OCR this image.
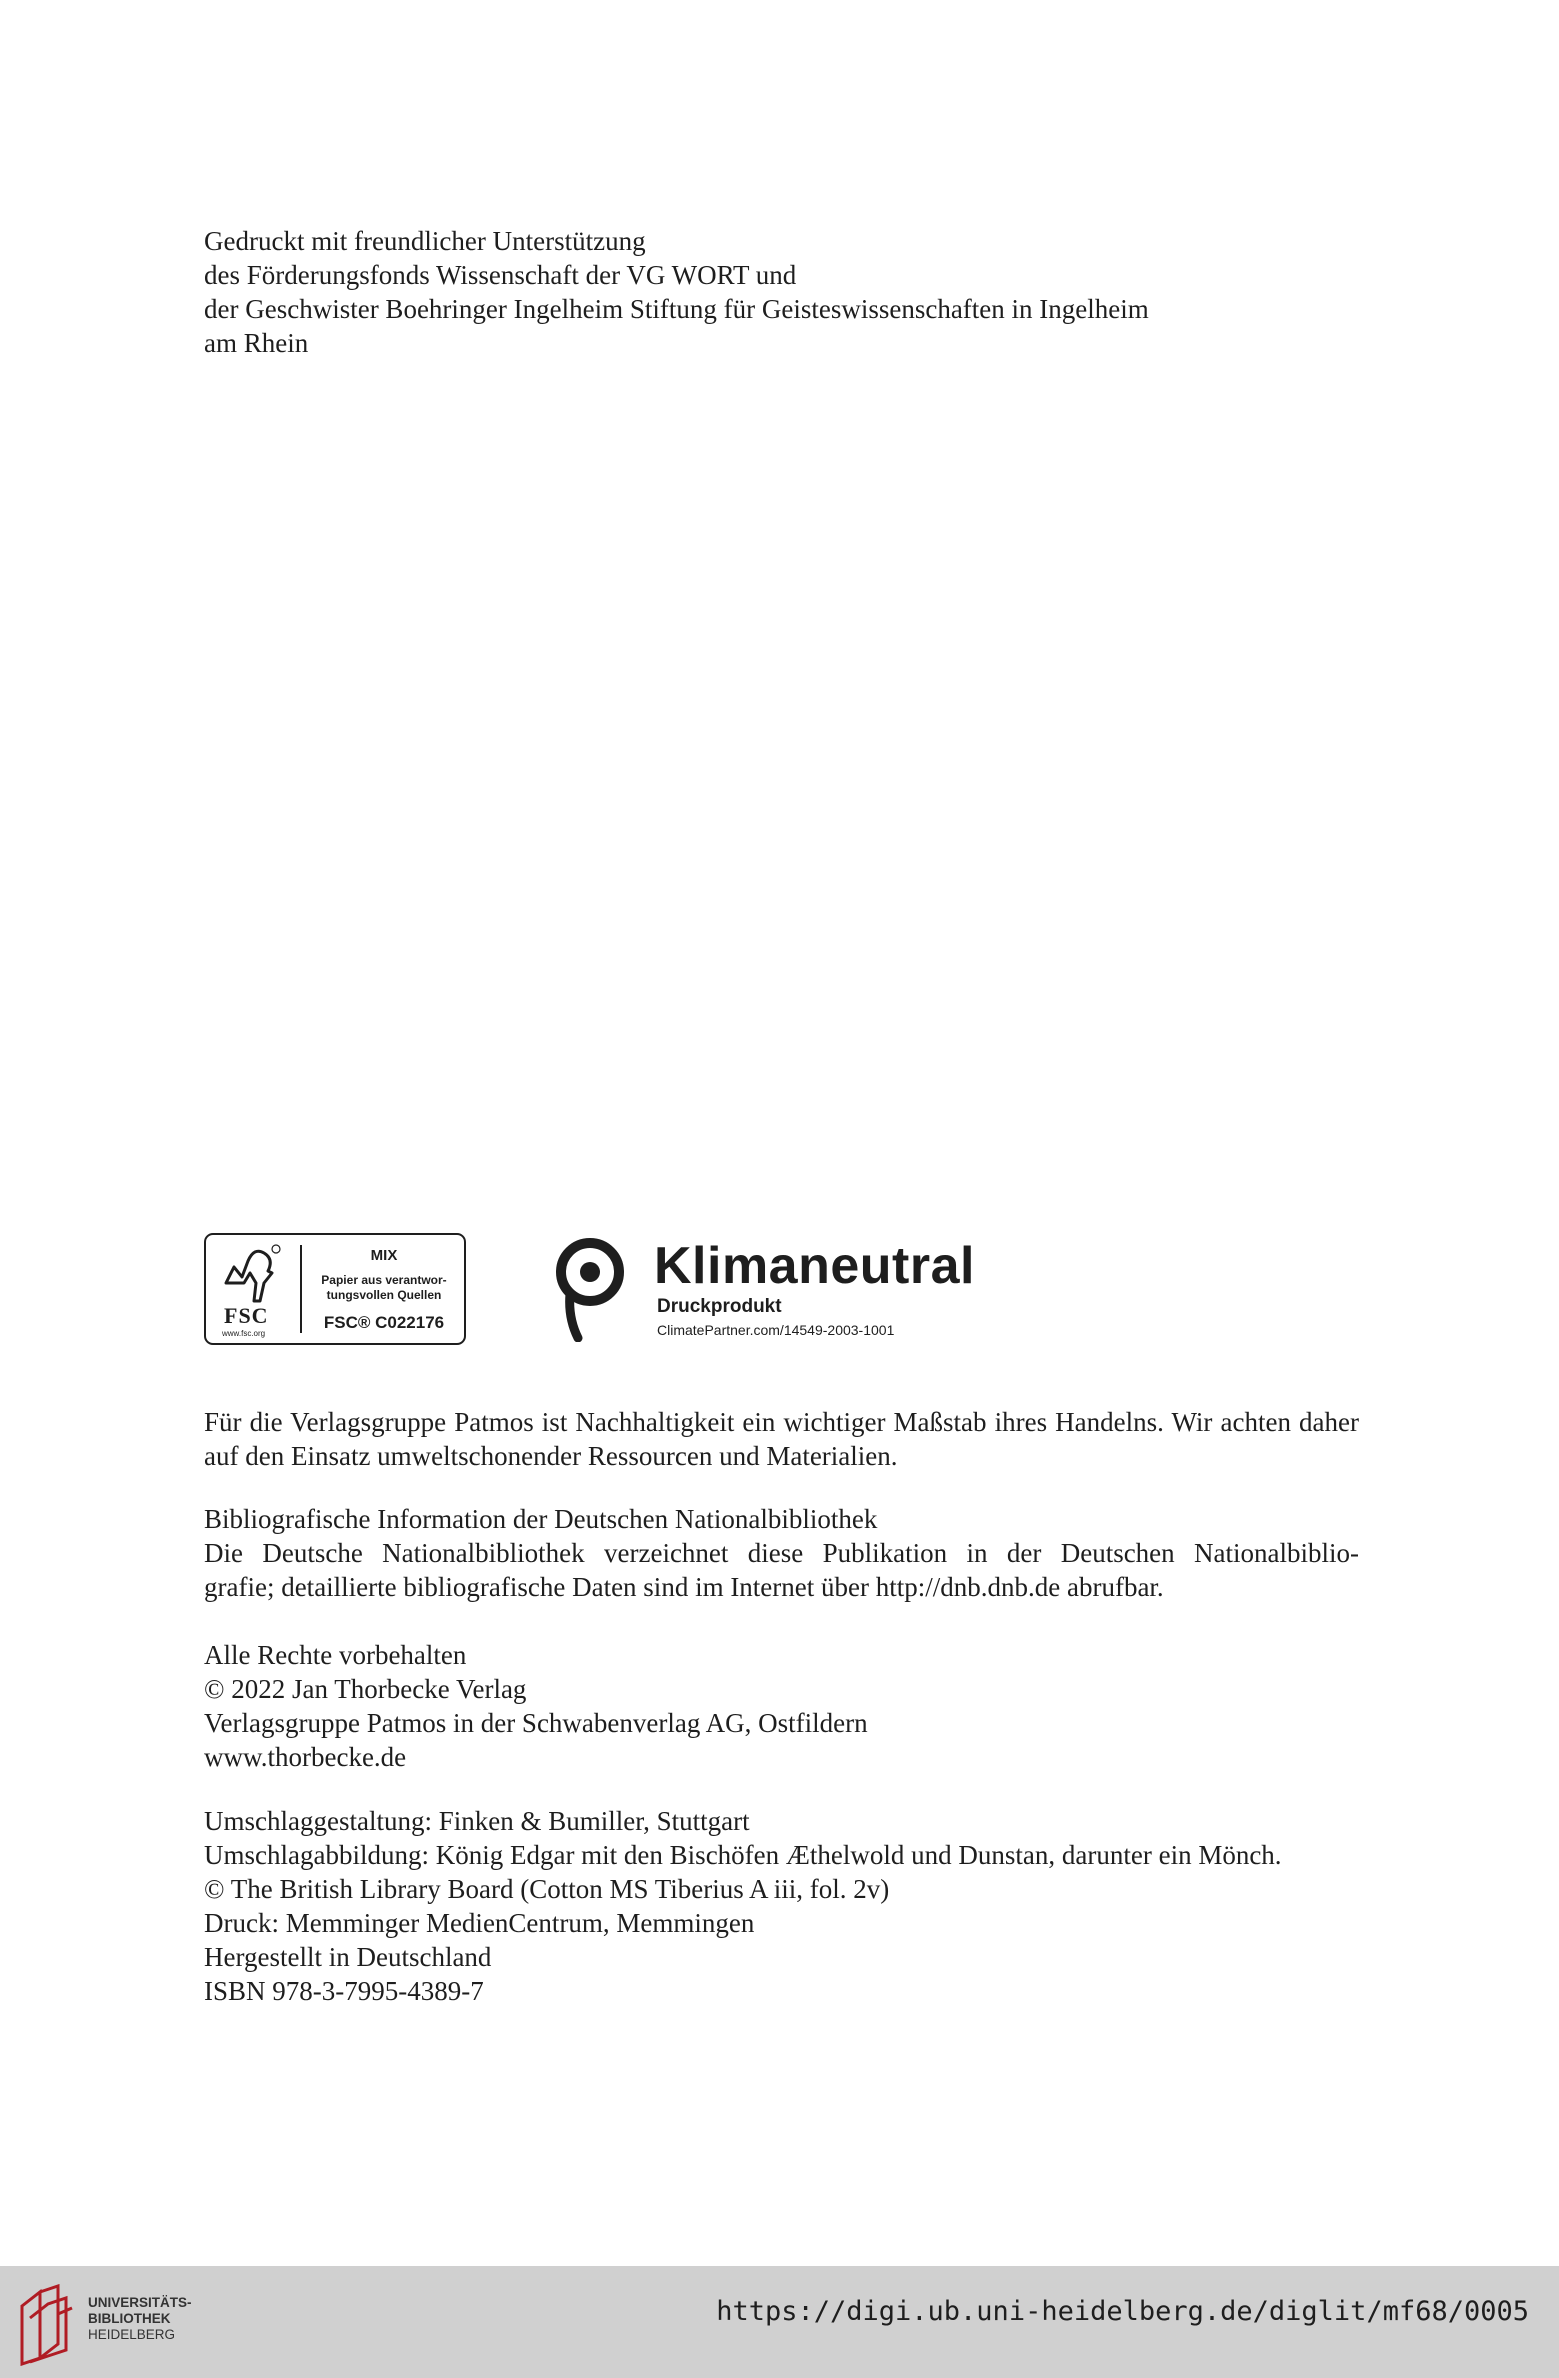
Gedruckt mit freundlicher Unterstützung
des Förderungsfonds Wissenschaft der VG WORT und
der Geschwister Boehringer Ingelheim Stiftung für Geisteswissenschaften in Ingelheim
am Rhein
FSC
www.fsc.org
MIX
Papier aus verantwor-
tungsvollen Quellen
FSC® C022176
Klimaneutral
Druckprodukt
ClimatePartner.com/14549-2003-1001
Für die Verlagsgruppe Patmos ist Nachhaltigkeit ein wichtiger Maßstab ihres Handelns. Wir achten daher auf den Einsatz umweltschonender Ressourcen und Materialien.
Bibliografische Information der Deutschen Nationalbibliothek
Die Deutsche Nationalbibliothek verzeichnet diese Publikation in der Deutschen Nationalbiblio-
grafie; detaillierte bibliografische Daten sind im Internet über http://dnb.dnb.de abrufbar.
Alle Rechte vorbehalten
© 2022 Jan Thorbecke Verlag
Verlagsgruppe Patmos in der Schwabenverlag AG, Ostfildern
www.thorbecke.de
Umschlaggestaltung: Finken & Bumiller, Stuttgart
Umschlagabbildung: König Edgar mit den Bischöfen Æthelwold und Dunstan, darunter ein Mönch.
© The British Library Board (Cotton MS Tiberius A iii, fol. 2v)
Druck: Memminger MedienCentrum, Memmingen
Hergestellt in Deutschland
ISBN 978-3-7995-4389-7
UNIVERSITÄTS-
BIBLIOTHEK
HEIDELBERG
https://digi.ub.uni-heidelberg.de/diglit/mf68/0005
